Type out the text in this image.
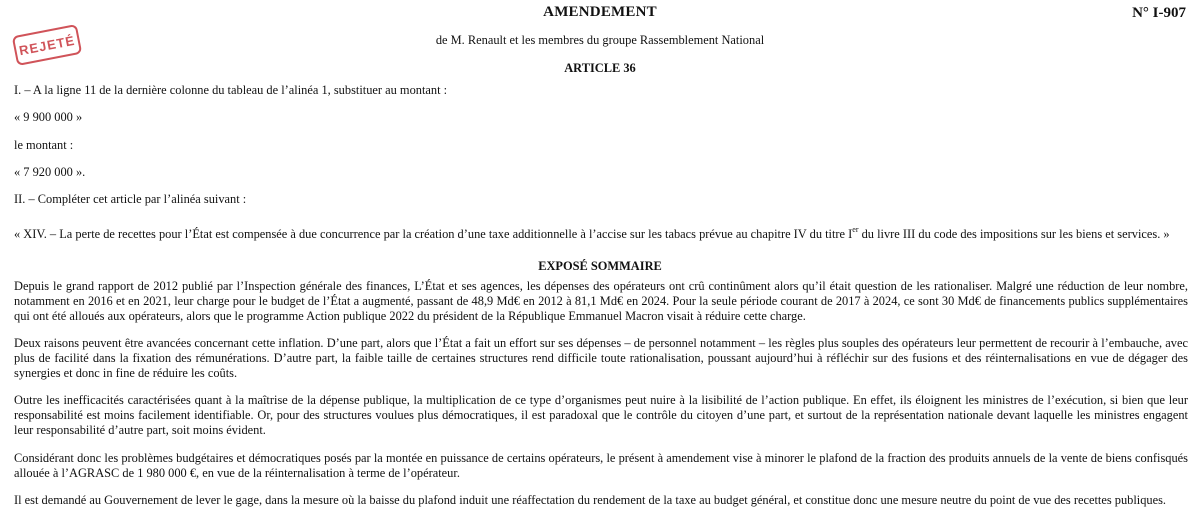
AMENDEMENT	N° I-907
REJETÉ	de M. Renault et les membres du groupe Rassemblement National
ARTICLE 36
I. – A la ligne 11 de la dernière colonne du tableau de l’alinéa 1, substituer au montant :
« 9 900 000 »
le montant :
« 7 920 000 ».
II. – Compléter cet article par l’alinéa suivant :
« XIV. – La perte de recettes pour l’État est compensée à due concurrence par la création d’une taxe additionnelle à l’accise sur les tabacs prévue au chapitre IV du titre Ier du livre III du code des impositions sur les biens et services. »
EXPOSÉ SOMMAIRE
Depuis le grand rapport de 2012 publié par l’Inspection générale des finances, L’État et ses agences, les dépenses des opérateurs ont crû continûment alors qu’il était question de les rationaliser. Malgré une réduction de leur nombre, notamment en 2016 et en 2021, leur charge pour le budget de l’État a augmenté, passant de 48,9 Md€ en 2012 à 81,1 Md€ en 2024. Pour la seule période courant de 2017 à 2024, ce sont 30 Md€ de financements publics supplémentaires qui ont été alloués aux opérateurs, alors que le programme Action publique 2022 du président de la République Emmanuel Macron visait à réduire cette charge.
Deux raisons peuvent être avancées concernant cette inflation. D’une part, alors que l’État a fait un effort sur ses dépenses – de personnel notamment – les règles plus souples des opérateurs leur permettent de recourir à l’embauche, avec plus de facilité dans la fixation des rémunérations. D’autre part, la faible taille de certaines structures rend difficile toute rationalisation, poussant aujourd’hui à réfléchir sur des fusions et des réinternalisations en vue de dégager des synergies et donc in fine de réduire les coûts.
Outre les inefficacités caractérisées quant à la maîtrise de la dépense publique, la multiplication de ce type d’organismes peut nuire à la lisibilité de l’action publique. En effet, ils éloignent les ministres de l’exécution, si bien que leur responsabilité est moins facilement identifiable. Or, pour des structures voulues plus démocratiques, il est paradoxal que le contrôle du citoyen d’une part, et surtout de la représentation nationale devant laquelle les ministres engagent leur responsabilité d’autre part, soit moins évident.
Considérant donc les problèmes budgétaires et démocratiques posés par la montée en puissance de certains opérateurs, le présent à amendement vise à minorer le plafond de la fraction des produits annuels de la vente de biens confisqués allouée à l’AGRASC de 1 980 000 €, en vue de la réinternalisation à terme de l’opérateur.
Il est demandé au Gouvernement de lever le gage, dans la mesure où la baisse du plafond induit une réaffectation du rendement de la taxe au budget général, et constitue donc une mesure neutre du point de vue des recettes publiques.
